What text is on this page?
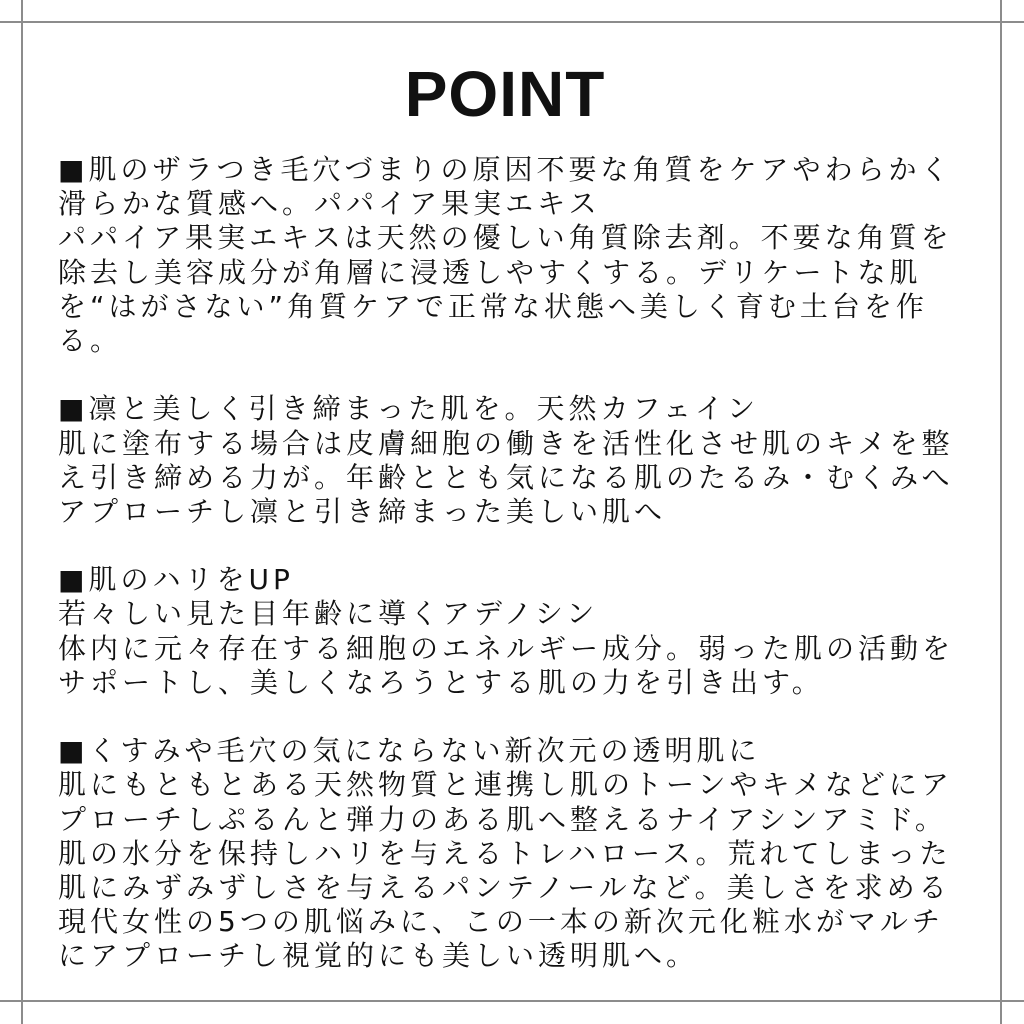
POINT
■肌のザラつき毛穴づまりの原因不要な角質をケアやわらかく
滑らかな質感へ。パパイア果実エキス
パパイア果実エキスは天然の優しい角質除去剤。不要な角質を
除去し美容成分が角層に浸透しやすくする。デリケートな肌
を“はがさない”角質ケアで正常な状態へ美しく育む土台を作
る。
■凛と美しく引き締まった肌を。天然カフェイン
肌に塗布する場合は皮膚細胞の働きを活性化させ肌のキメを整
え引き締める力が。年齢ととも気になる肌のたるみ・むくみへ
アプローチし凛と引き締まった美しい肌へ
■肌のハリをUP
若々しい見た目年齢に導くアデノシン
体内に元々存在する細胞のエネルギー成分。弱った肌の活動を
サポートし、美しくなろうとする肌の力を引き出す。
■くすみや毛穴の気にならない新次元の透明肌に
肌にもともとある天然物質と連携し肌のトーンやキメなどにア
プローチしぷるんと弾力のある肌へ整えるナイアシンアミド。
肌の水分を保持しハリを与えるトレハロース。荒れてしまった
肌にみずみずしさを与えるパンテノールなど。美しさを求める
現代女性の5つの肌悩みに、この一本の新次元化粧水がマルチ
にアプローチし視覚的にも美しい透明肌へ。
